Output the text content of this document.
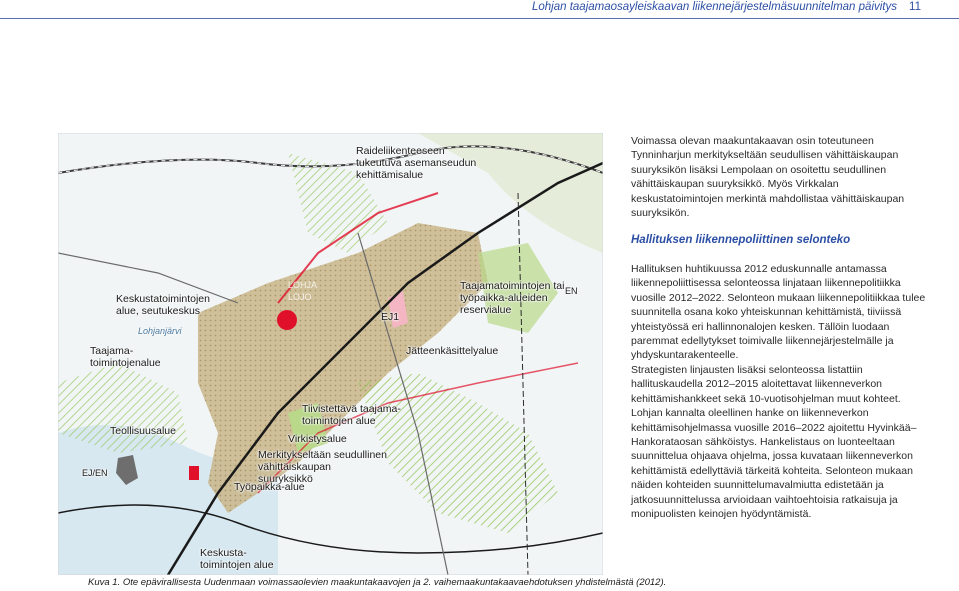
Lohjan taajamaosayleiskaavan liikennejärjestelmäsuunnitelman päivitys 11
Raideliikenteeseen tukeutuva asemanseudun kehittämisalue
Keskustatoimintojen alue, seutukeskus
Taajama-toimintojenalue
Teollisuusalue
EJ1
Taajamatoimintojen tai työpaikka-alueiden reservialue
Jätteenkäsittelyalue
Tiivistettävä taajama-toimintojen alue
Virkistysalue
Merkitykseltään seudullinen vähittäiskaupan suuryksikkö
Työpaikka-alue
Keskusta-toimintojen alue
EN
EJ/EN
LOHJA LOJO
Lohjanjärvi
Kuva 1. Ote epävirallisesta Uudenmaan voimassaolevien maakuntakaavojen ja 2. vaihemaakuntakaavaehdotuksen yhdistelmästä (2012).
Voimassa olevan maakuntakaavan osin toteutuneen Tynninharjun merkitykseltään seudullisen vähittäiskaupan suuryksikön lisäksi Lempolaan on osoitettu seudullinen vähittäiskaupan suuryksikkö. Myös Virkkalan keskustatoimintojen merkintä mahdollistaa vähittäiskaupan suuryksikön.
Hallituksen liikennepoliittinen selonteko
Hallituksen huhtikuussa 2012 eduskunnalle antamassa liikennepoliittisessa selonteossa linjataan liikennepolitiikka vuosille 2012–2022. Selonteon mukaan liikennepolitiikkaa tulee suunnitella osana koko yhteiskunnan kehittämistä, tiiviissä yhteistyössä eri hallinnonalojen kesken. Tällöin luodaan paremmat edellytykset toimivalle liikennejärjestelmälle ja yhdyskuntarakenteelle.
Strategisten linjausten lisäksi selonteossa listattiin hallituskaudella 2012–2015 aloitettavat liikenneverkon kehittämishankkeet sekä 10-vuotisohjelman muut kohteet. Lohjan kannalta oleellinen hanke on liikenneverkon kehittämisohjelmassa vuosille 2016–2022 ajoitettu Hyvinkää–Hankorataosan sähköistys. Hankelistaus on luonteeltaan suunnittelua ohjaava ohjelma, jossa kuvataan liikenneverkon kehittämistä edellyttäviä tärkeitä kohteita. Selonteon mukaan näiden kohteiden suunnittelumavalmiutta edistetään ja jatkosuunnittelussa arvioidaan vaihtoehtoisia ratkaisuja ja monipuolisten keinojen hyödyntämistä.
